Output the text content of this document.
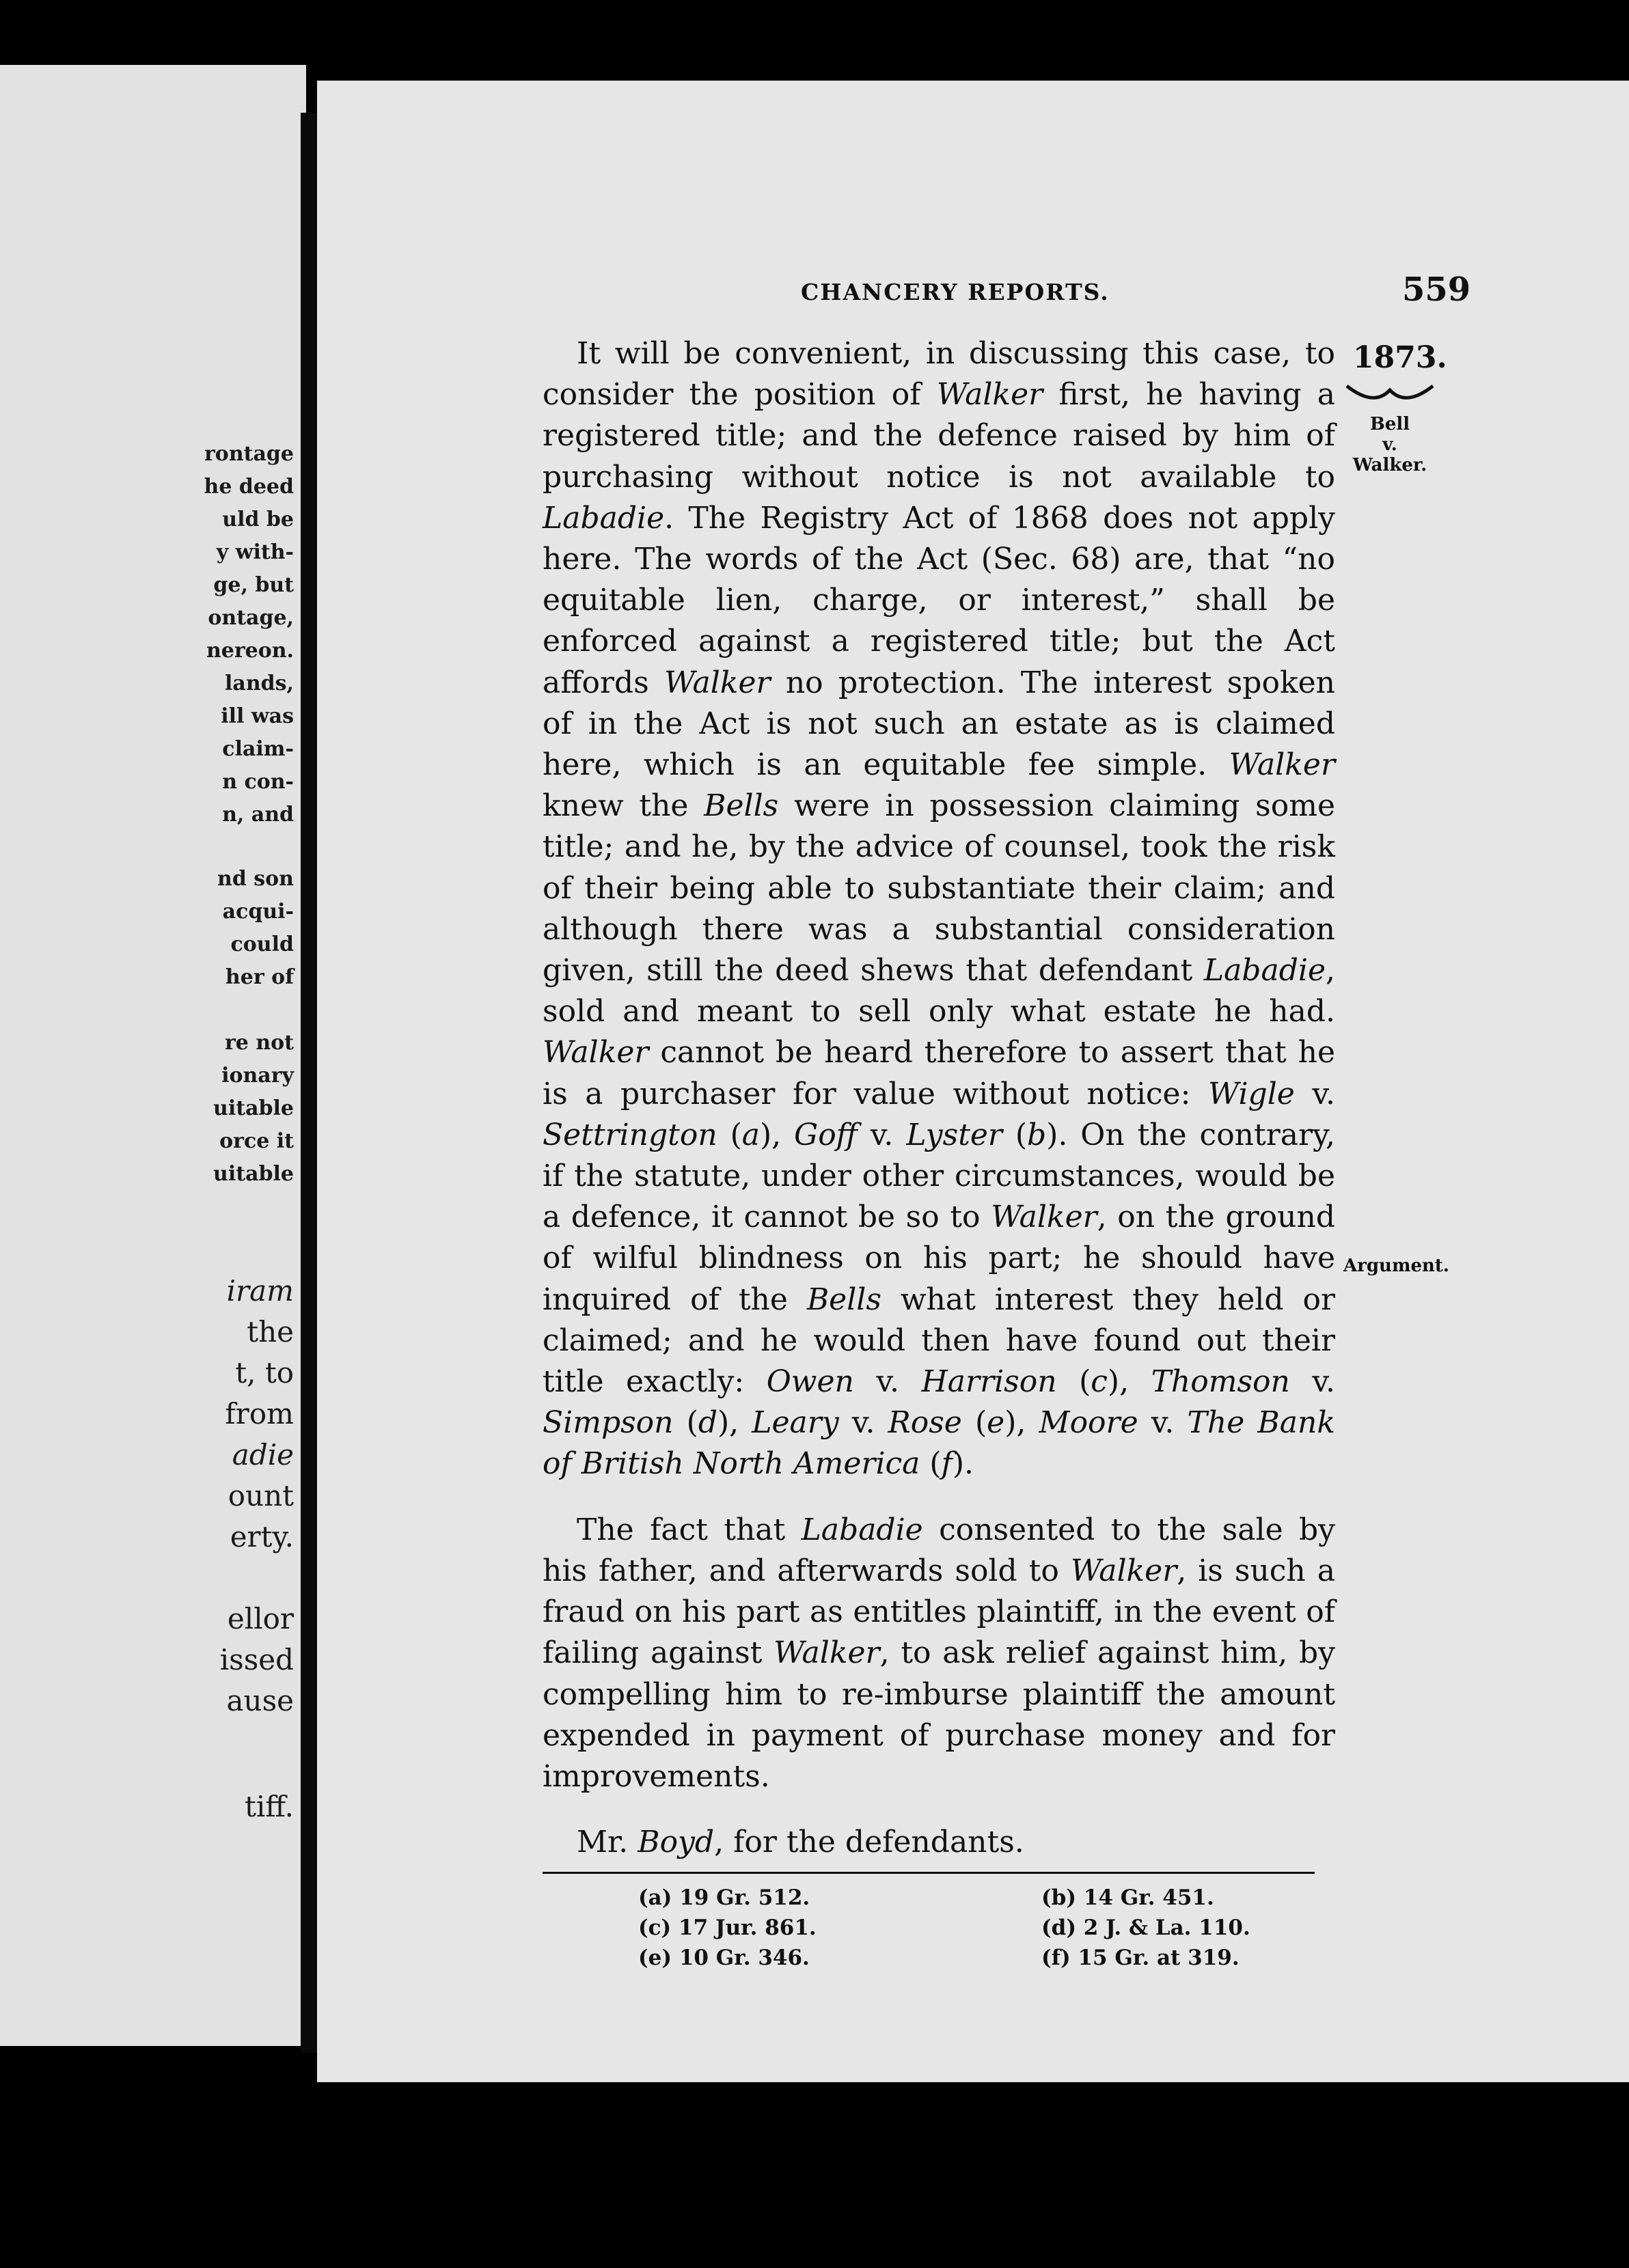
rontage
he deed
uld be
y with-
ge, but
ontage,
nereon.
lands,
ill was
claim-
n con-
n, and
nd son
acqui-
could
her of
re not
ionary
uitable
orce it
uitable
iram
the
t, to
from
adie
ount
erty.
ellor
issed
ause
tiff.
CHANCERY REPORTS.	559
1873.
Bell
v.
Walker.
Argument.

It will be convenient, in discussing this case, to consider the position of Walker first, he having a registered title; and the defence raised by him of purchasing without notice is not available to Labadie. The Registry Act of 1868 does not apply here. The words of the Act (Sec. 68) are, that “no equitable lien, charge, or interest,” shall be enforced against a registered title; but the Act affords Walker no protection. The interest spoken of in the Act is not such an estate as is claimed here, which is an equitable fee simple. Walker knew the Bells were in possession claiming some title; and he, by the advice of counsel, took the risk of their being able to substantiate their claim; and although there was a substantial consideration given, still the deed shews that defendant Labadie, sold and meant to sell only what estate he had. Walker cannot be heard therefore to assert that he is a purchaser for value without notice: Wigle v. Settrington (a), Goff v. Lyster (b). On the contrary, if the statute, under other circumstances, would be a defence, it cannot be so to Walker, on the ground of wilful blindness on his part; he should have inquired of the Bells what interest they held or claimed; and he would then have found out their title exactly: Owen v. Harrison (c), Thomson v. Simpson (d), Leary v. Rose (e), Moore v. The Bank of British North America (f).

The fact that Labadie consented to the sale by his father, and afterwards sold to Walker, is such a fraud on his part as entitles plaintiff, in the event of failing against Walker, to ask relief against him, by compelling him to re-imburse plaintiff the amount expended in payment of purchase money and for improvements.

Mr. Boyd, for the defendants.

(a) 19 Gr. 512.	(b) 14 Gr. 451.
(c) 17 Jur. 861.	(d) 2 J. & La. 110.
(e) 10 Gr. 346.	(f) 15 Gr. at 319.
